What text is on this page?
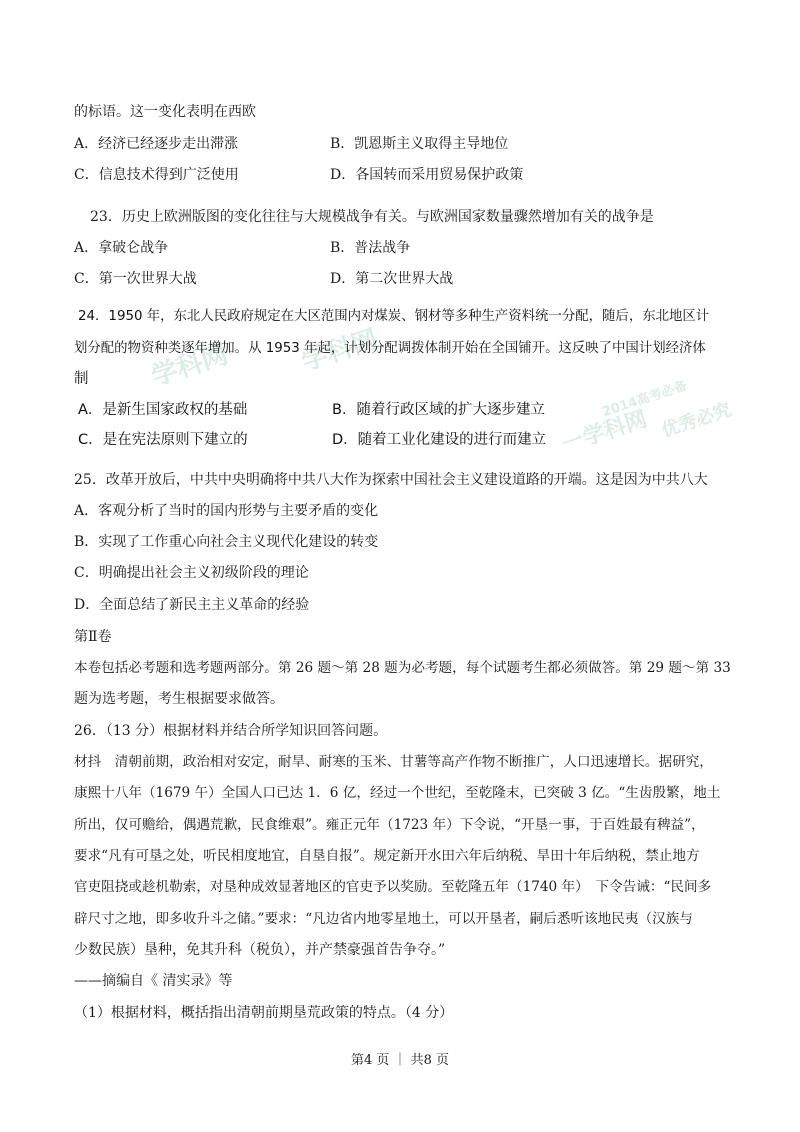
学科网	学科网
2014高考必备
一学科网 优秀必究
的标语。这一变化表明在西欧
A．经济已经逐步走出滞涨	B．凯恩斯主义取得主导地位
C．信息技术得到广泛使用	D．各国转而采用贸易保护政策
23．历史上欧洲版图的变化往往与大规模战争有关。与欧洲国家数量骤然增加有关的战争是
A．拿破仑战争	B．普法战争
C．第一次世界大战	D．第二次世界大战
24．1950 年，东北人民政府规定在大区范围内对煤炭、钢材等多种生产资料统一分配，随后，东北地区计
划分配的物资种类逐年增加。从 1953 年起，计划分配调拨体制开始在全国铺开。这反映了中国计划经济体
制
A．是新生国家政权的基础	B．随着行政区域的扩大逐步建立
C．是在宪法原则下建立的	D．随着工业化建设的进行而建立
25．改革开放后，中共中央明确将中共八大作为探索中国社会主义建设道路的开端。这是因为中共八大
A．客观分析了当时的国内形势与主要矛盾的变化
B．实现了工作重心向社会主义现代化建设的转变
C．明确提出社会主义初级阶段的理论
D．全面总结了新民主主义革命的经验
第Ⅱ卷
本卷包括必考题和选考题两部分。第 26 题～第 28 题为必考题，每个试题考生都必须做答。第 29 题～第 33
题为选考题，考生根据要求做答。
26．（13 分）根据材料并结合所学知识回答问题。
材抖　清朝前期，政治相对安定，耐旱、耐寒的玉米、甘薯等高产作物不断推广，人口迅速增长。据研究，
康熙十八年（1679 午）全国人口已达 1．6 亿，经过一个世纪，至乾隆末，已突破 3 亿。“生齿殷繁，地土
所出，仅可赡给，偶遇荒歉，民食维艰”。雍正元年（1723 年）下令说，“开垦一事，于百姓最有稗益”，
要求“凡有可垦之处，听民相度地宜，自垦自报”。规定新开水田六年后纳税、旱田十年后纳税，禁止地方
官吏阻挠或趁机勒索，对垦种成效显著地区的官吏予以奖励。至乾隆五年（1740 年）　下令告诫：“民间多
辟尺寸之地，即多收升斗之储。”要求：“凡边省内地零星地土，可以开垦者，嗣后悉听该地民夷（汉族与
少数民族）垦种，免其升科（税负），并产禁豪强首告争夺。”
——摘编自《 清实录》等
（1）根据材料，概括指出清朝前期垦荒政策的特点。（4 分）
第4 页 ｜ 共8 页
